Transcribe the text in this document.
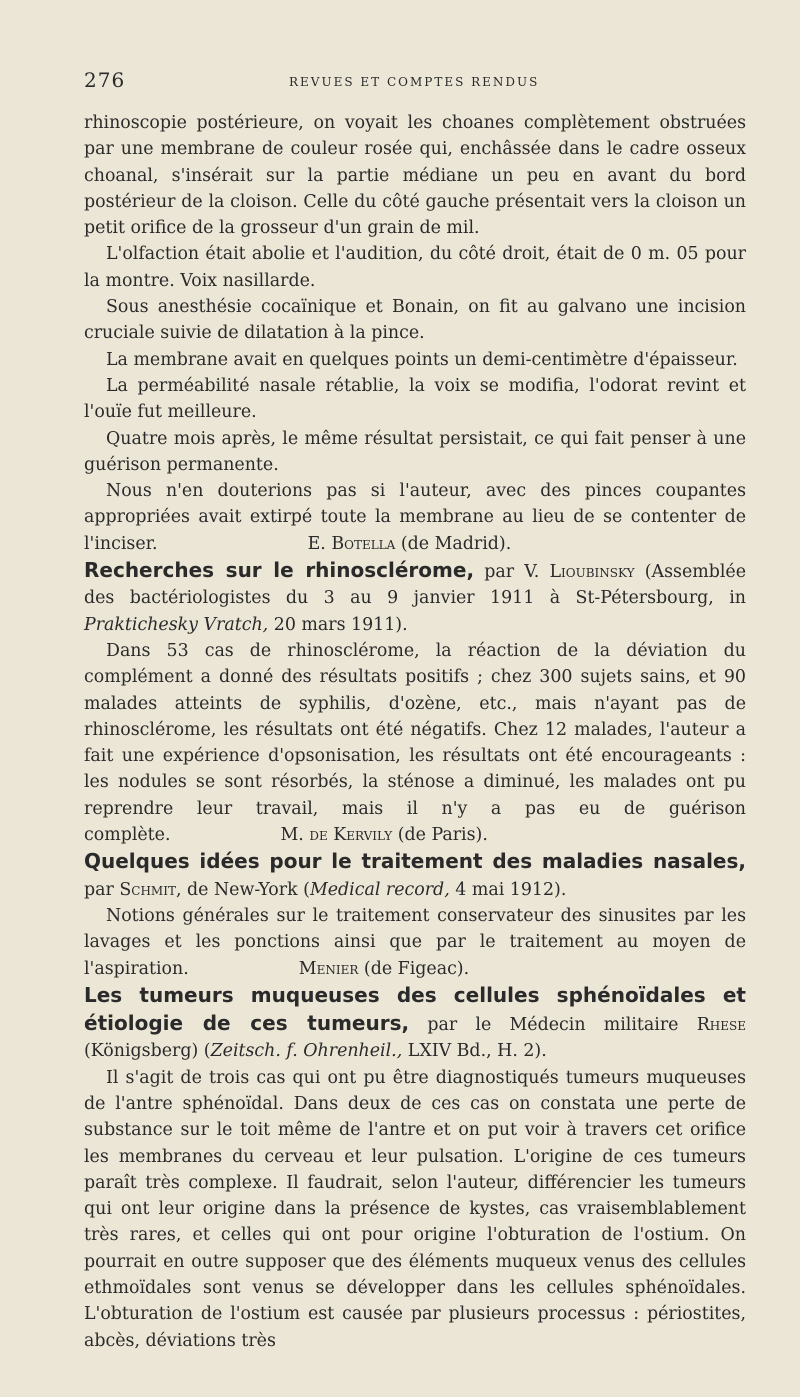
276	REVUES ET COMPTES RENDUS

rhinoscopie postérieure, on voyait les choanes complètement obstruées par une membrane de couleur rosée qui, enchâssée dans le cadre osseux choanal, s'insérait sur la partie médiane un peu en avant du bord postérieur de la cloison. Celle du côté gauche présentait vers la cloison un petit orifice de la grosseur d'un grain de mil.

L'olfaction était abolie et l'audition, du côté droit, était de 0 m. 05 pour la montre. Voix nasillarde.

Sous anesthésie cocaïnique et Bonain, on fit au galvano une incision cruciale suivie de dilatation à la pince.

La membrane avait en quelques points un demi-centimètre d'épaisseur.

La perméabilité nasale rétablie, la voix se modifia, l'odorat revint et l'ouïe fut meilleure.

Quatre mois après, le même résultat persistait, ce qui fait penser à une guérison permanente.

Nous n'en douterions pas si l'auteur, avec des pinces coupantes appropriées avait extirpé toute la membrane au lieu de se contenter de l'inciser.	E. Botella (de Madrid).

Recherches sur le rhinosclérome, par V. Lioubinsky (Assemblée des bactériologistes du 3 au 9 janvier 1911 à St-Pétersbourg, in Praktichesky Vratch, 20 mars 1911).

Dans 53 cas de rhinosclérome, la réaction de la déviation du complément a donné des résultats positifs ; chez 300 sujets sains, et 90 malades atteints de syphilis, d'ozène, etc., mais n'ayant pas de rhinosclérome, les résultats ont été négatifs. Chez 12 malades, l'auteur a fait une expérience d'opsonisation, les résultats ont été encourageants : les nodules se sont résorbés, la sténose a diminué, les malades ont pu reprendre leur travail, mais il n'y a pas eu de guérison complète.	M. de Kervily (de Paris).

Quelques idées pour le traitement des maladies nasales, par Schmit, de New-York (Medical record, 4 mai 1912).

Notions générales sur le traitement conservateur des sinusites par les lavages et les ponctions ainsi que par le traitement au moyen de l'aspiration.	Menier (de Figeac).

Les tumeurs muqueuses des cellules sphénoïdales et étiologie de ces tumeurs, par le Médecin militaire Rhese (Königsberg) (Zeitsch. f. Ohrenheil., LXIV Bd., H. 2).

Il s'agit de trois cas qui ont pu être diagnostiqués tumeurs muqueuses de l'antre sphénoïdal. Dans deux de ces cas on constata une perte de substance sur le toit même de l'antre et on put voir à travers cet orifice les membranes du cerveau et leur pulsation. L'origine de ces tumeurs paraît très complexe. Il faudrait, selon l'auteur, différencier les tumeurs qui ont leur origine dans la présence de kystes, cas vraisemblablement très rares, et celles qui ont pour origine l'obturation de l'ostium. On pourrait en outre supposer que des éléments muqueux venus des cellules ethmoïdales sont venus se développer dans les cellules sphénoïdales. L'obturation de l'ostium est causée par plusieurs processus : périostites, abcès, déviations très
